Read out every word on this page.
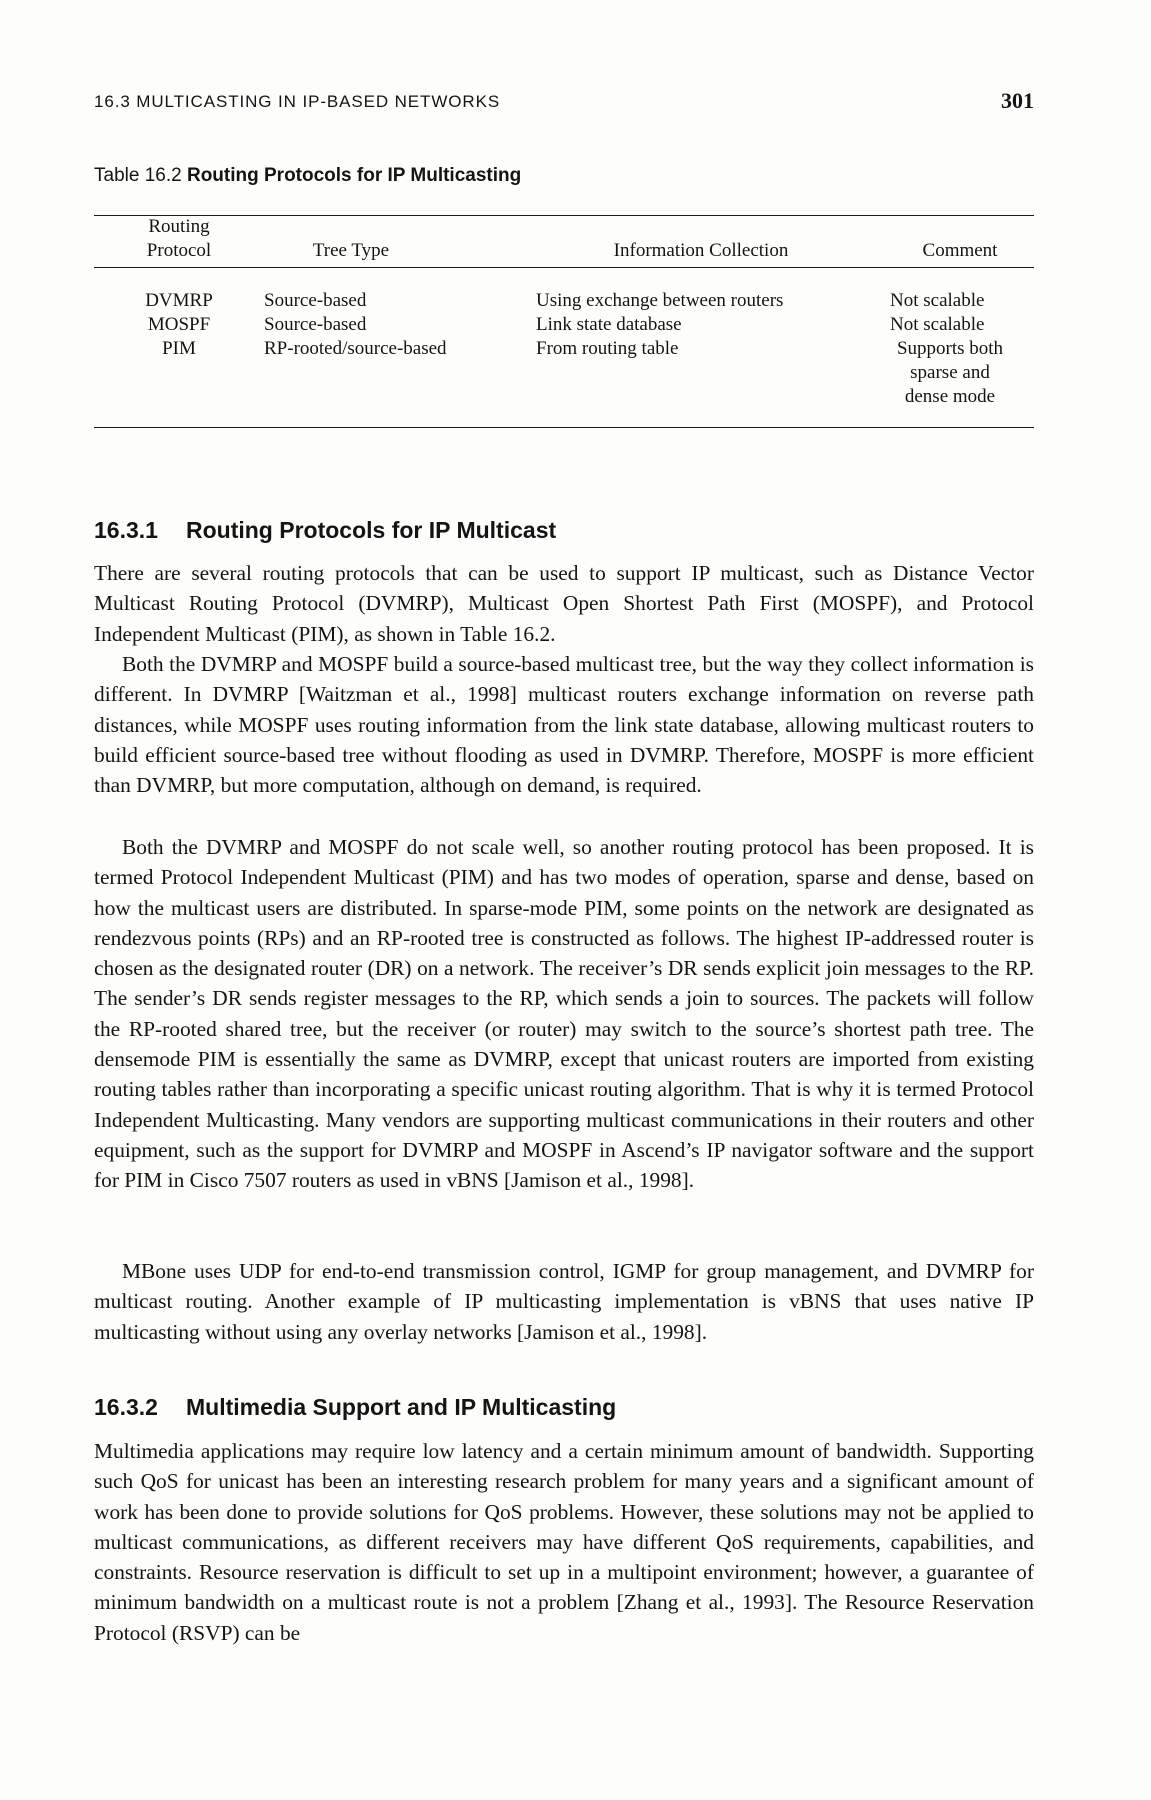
16.3 MULTICASTING IN IP-BASED NETWORKS	301
Table 16.2 Routing Protocols for IP Multicasting
Routing
Protocol	Tree Type	Information Collection	Comment
DVMRP	Source-based	Using exchange between routers	Not scalable
MOSPF	Source-based	Link state database	Not scalable
PIM	RP-rooted/source-based	From routing table	Supports both
sparse and
dense mode
16.3.1 Routing Protocols for IP Multicast

There are several routing protocols that can be used to support IP multicast, such as Distance Vector Multicast Routing Protocol (DVMRP), Multicast Open Shortest Path First (MOSPF), and Protocol Independent Multicast (PIM), as shown in Table 16.2.

Both the DVMRP and MOSPF build a source-based multicast tree, but the way they collect information is different. In DVMRP [Waitzman et al., 1998] multicast routers exchange information on reverse path distances, while MOSPF uses routing information from the link state database, allowing multicast routers to build efficient source-based tree without flooding as used in DVMRP. Therefore, MOSPF is more efficient than DVMRP, but more computation, although on demand, is required.

Both the DVMRP and MOSPF do not scale well, so another routing protocol has been proposed. It is termed Protocol Independent Multicast (PIM) and has two modes of operation, sparse and dense, based on how the multicast users are distributed. In sparse-mode PIM, some points on the network are designated as rendezvous points (RPs) and an RP-rooted tree is constructed as follows. The highest IP-addressed router is chosen as the designated router (DR) on a network. The receiver’s DR sends explicit join messages to the RP. The sender’s DR sends register messages to the RP, which sends a join to sources. The packets will follow the RP-rooted shared tree, but the receiver (or router) may switch to the source’s shortest path tree. The densemode PIM is essentially the same as DVMRP, except that unicast routers are imported from existing routing tables rather than incorporating a specific unicast routing algorithm. That is why it is termed Protocol Independent Multicasting. Many vendors are supporting multicast communications in their routers and other equipment, such as the support for DVMRP and MOSPF in Ascend’s IP navigator software and the support for PIM in Cisco 7507 routers as used in vBNS [Jamison et al., 1998].

MBone uses UDP for end-to-end transmission control, IGMP for group management, and DVMRP for multicast routing. Another example of IP multicasting implementation is vBNS that uses native IP multicasting without using any overlay networks [Jamison et al., 1998].

16.3.2 Multimedia Support and IP Multicasting

Multimedia applications may require low latency and a certain minimum amount of bandwidth. Supporting such QoS for unicast has been an interesting research problem for many years and a significant amount of work has been done to provide solutions for QoS problems. However, these solutions may not be applied to multicast communications, as different receivers may have different QoS requirements, capabilities, and constraints. Resource reservation is difficult to set up in a multipoint environment; however, a guarantee of minimum bandwidth on a multicast route is not a problem [Zhang et al., 1993]. The Resource Reservation Protocol (RSVP) can be
